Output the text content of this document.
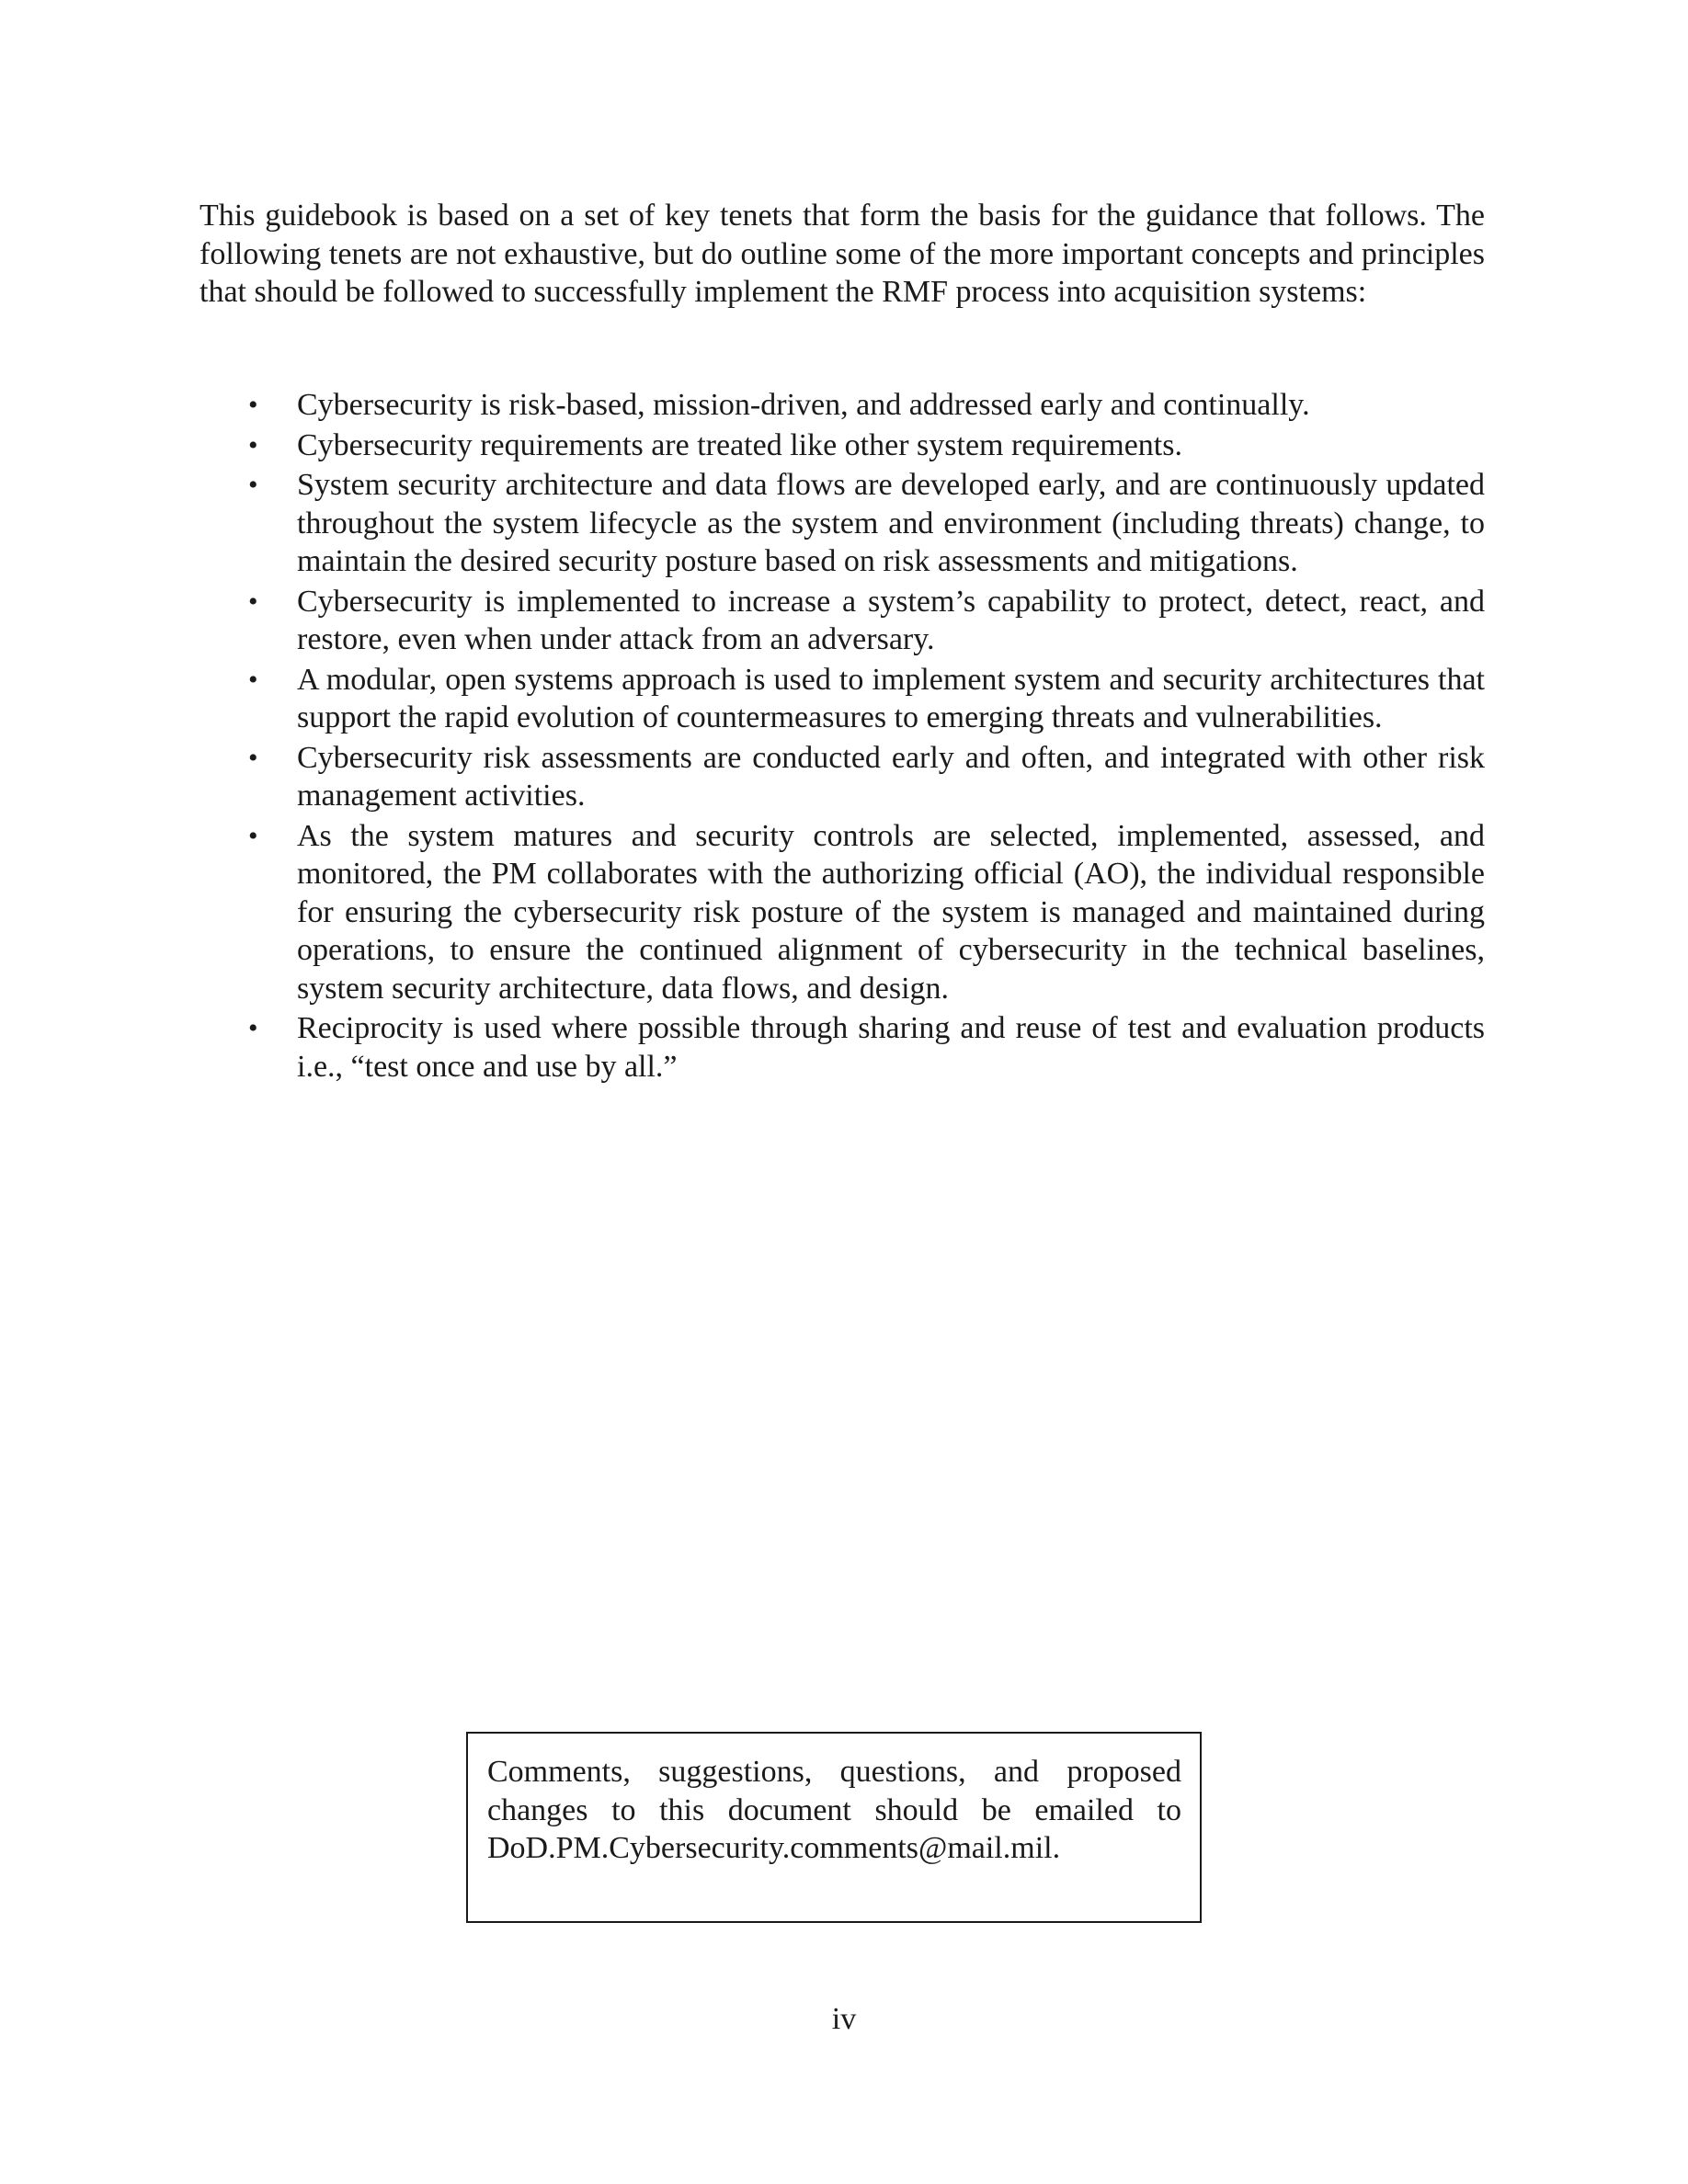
This guidebook is based on a set of key tenets that form the basis for the guidance that follows. The following tenets are not exhaustive, but do outline some of the more important concepts and principles that should be followed to successfully implement the RMF process into acquisition systems:

• Cybersecurity is risk-based, mission-driven, and addressed early and continually.
• Cybersecurity requirements are treated like other system requirements.
• System security architecture and data flows are developed early, and are continuously updated throughout the system lifecycle as the system and environment (including threats) change, to maintain the desired security posture based on risk assessments and mitigations.
• Cybersecurity is implemented to increase a system’s capability to protect, detect, react, and restore, even when under attack from an adversary.
• A modular, open systems approach is used to implement system and security architectures that support the rapid evolution of countermeasures to emerging threats and vulnerabilities.
• Cybersecurity risk assessments are conducted early and often, and integrated with other risk management activities.
• As the system matures and security controls are selected, implemented, assessed, and monitored, the PM collaborates with the authorizing official (AO), the individual responsible for ensuring the cybersecurity risk posture of the system is managed and maintained during operations, to ensure the continued alignment of cybersecurity in the technical baselines, system security architecture, data flows, and design.
• Reciprocity is used where possible through sharing and reuse of test and evaluation products i.e., “test once and use by all.”

Comments, suggestions, questions, and proposed changes to this document should be emailed to DoD.PM.Cybersecurity.comments@mail.mil.

iv
